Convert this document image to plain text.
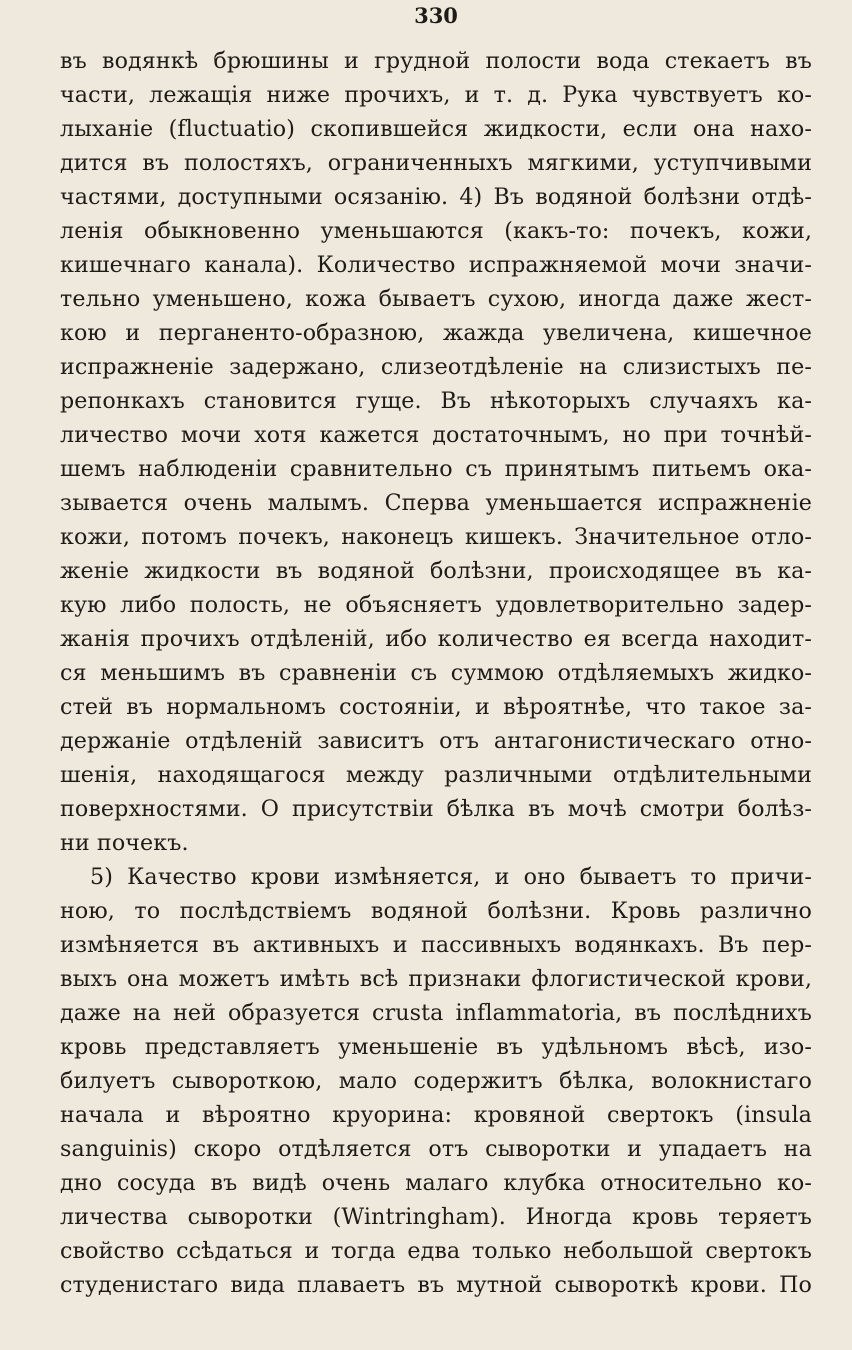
330
въ водянкѣ брюшины и грудной полости вода стекаетъ въ
части, лежащія ниже прочихъ, и т. д. Рука чувствуетъ ко-
лыханіе (fluctuatio) скопившейся жидкости, если она нахо-
дится въ полостяхъ, ограниченныхъ мягкими, уступчивыми
частями, доступными осязанію. 4) Въ водяной болѣзни отдѣ-
ленія обыкновенно уменьшаются (какъ-то: почекъ, кожи,
кишечнаго канала). Количество испражняемой мочи значи-
тельно уменьшено, кожа бываетъ сухою, иногда даже жест-
кою и перганенто-образною, жажда увеличена, кишечное
испражненіе задержано, слизеотдѣленіе на слизистыхъ пе-
репонкахъ становится гуще. Въ нѣкоторыхъ случаяхъ ка-
личество мочи хотя кажется достаточнымъ, но при точнѣй-
шемъ наблюденіи сравнительно съ принятымъ питьемъ ока-
зывается очень малымъ. Сперва уменьшается испражненіе
кожи, потомъ почекъ, наконецъ кишекъ. Значительное отло-
женіе жидкости въ водяной болѣзни, происходящее въ ка-
кую либо полость, не объясняетъ удовлетворительно задер-
жанія прочихъ отдѣленій, ибо количество ея всегда находит-
ся меньшимъ въ сравненіи съ суммою отдѣляемыхъ жидко-
стей въ нормальномъ состояніи, и вѣроятнѣе, что такое за-
держаніе отдѣленій зависитъ отъ антагонистическаго отно-
шенія, находящагося между различными отдѣлительными
поверхностями. О присутствіи бѣлка въ мочѣ смотри болѣз-
ни почекъ.
5) Качество крови измѣняется, и оно бываетъ то причи-
ною, то послѣдствіемъ водяной болѣзни. Кровь различно
измѣняется въ активныхъ и пассивныхъ водянкахъ. Въ пер-
выхъ она можетъ имѣть всѣ признаки флогистической крови,
даже на ней образуется crusta inflammatoria, въ послѣднихъ
кровь представляетъ уменьшеніе въ удѣльномъ вѣсѣ, изо-
билуетъ сывороткою, мало содержитъ бѣлка, волокнистаго
начала и вѣроятно круорина: кровяной свертокъ (insula
sanguinis) скоро отдѣляется отъ сыворотки и упадаетъ на
дно сосуда въ видѣ очень малаго клубка относительно ко-
личества сыворотки (Wintringham). Иногда кровь теряетъ
свойство ссѣдаться и тогда едва только небольшой свертокъ
студенистаго вида плаваетъ въ мутной сывороткѣ крови. По
